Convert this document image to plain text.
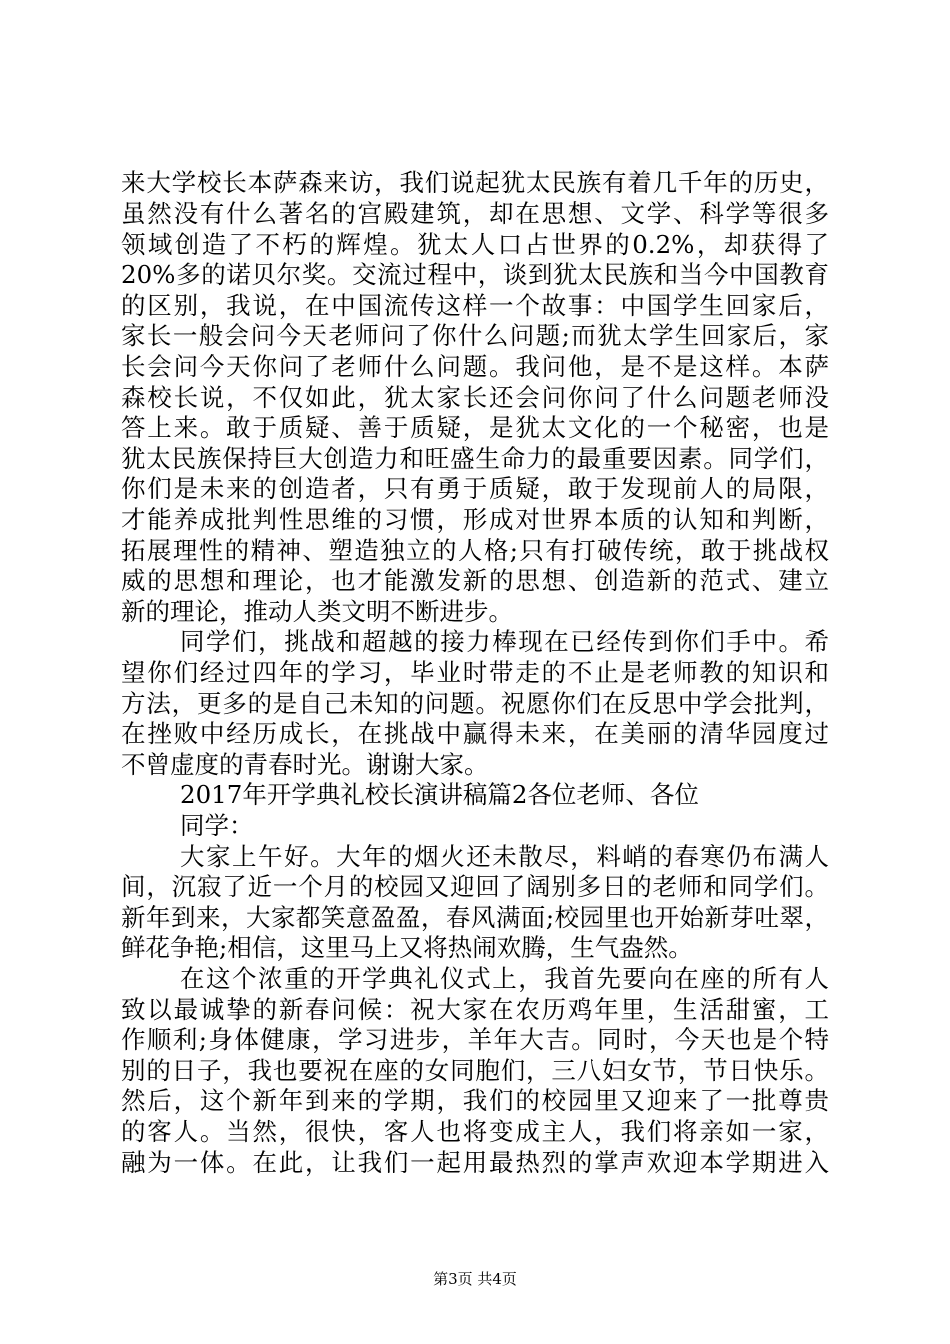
来大学校长本萨森来访，我们说起犹太民族有着几千年的历史，
虽然没有什么著名的宫殿建筑，却在思想、文学、科学等很多
领域创造了不朽的辉煌。犹太人口占世界的0.2%，却获得了
20%多的诺贝尔奖。交流过程中，谈到犹太民族和当今中国教育
的区别，我说，在中国流传这样一个故事：中国学生回家后，
家长一般会问今天老师问了你什么问题;而犹太学生回家后，家
长会问今天你问了老师什么问题。我问他，是不是这样。本萨
森校长说，不仅如此，犹太家长还会问你问了什么问题老师没
答上来。敢于质疑、善于质疑，是犹太文化的一个秘密，也是
犹太民族保持巨大创造力和旺盛生命力的最重要因素。同学们，
你们是未来的创造者，只有勇于质疑，敢于发现前人的局限，
才能养成批判性思维的习惯，形成对世界本质的认知和判断，
拓展理性的精神、塑造独立的人格;只有打破传统，敢于挑战权
威的思想和理论，也才能激发新的思想、创造新的范式、建立
新的理论，推动人类文明不断进步。
同学们，挑战和超越的接力棒现在已经传到你们手中。希
望你们经过四年的学习，毕业时带走的不止是老师教的知识和
方法，更多的是自己未知的问题。祝愿你们在反思中学会批判，
在挫败中经历成长，在挑战中赢得未来，在美丽的清华园度过
不曾虚度的青春时光。谢谢大家。
2017年开学典礼校长演讲稿篇2各位老师、各位
同学：
大家上午好。大年的烟火还未散尽，料峭的春寒仍布满人
间，沉寂了近一个月的校园又迎回了阔别多日的老师和同学们。
新年到来，大家都笑意盈盈，春风满面;校园里也开始新芽吐翠，
鲜花争艳;相信，这里马上又将热闹欢腾，生气盎然。
在这个浓重的开学典礼仪式上，我首先要向在座的所有人
致以最诚挚的新春问候：祝大家在农历鸡年里，生活甜蜜，工
作顺利;身体健康，学习进步，羊年大吉。同时，今天也是个特
别的日子，我也要祝在座的女同胞们，三八妇女节，节日快乐。
然后，这个新年到来的学期，我们的校园里又迎来了一批尊贵
的客人。当然，很快，客人也将变成主人，我们将亲如一家，
融为一体。在此，让我们一起用最热烈的掌声欢迎本学期进入
第3页 共4页
